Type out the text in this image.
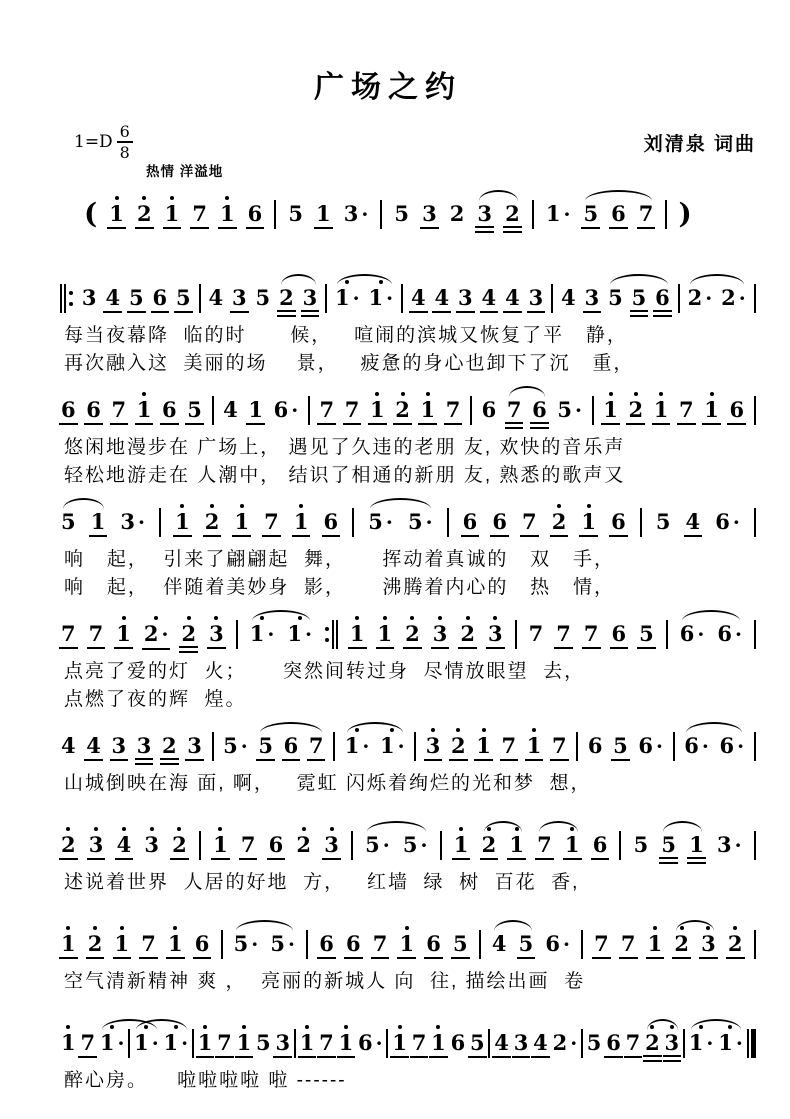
广场之约
$1=D \frac{6}{8}$	刘清泉 词曲
热情 洋溢地
( 1 2 1 7 1 6 5 1 3 · 5 3 2 3 2 1 · 5 6 7 )
3 4 5 6 5 4 3 5 2 3 1 · 1 · 4 4 3 4 4 3 4 3 5 5 6 2 · 2 ·
每当夜幕降  临的时      候，   喧闹的滨城又恢复了平   静，
再次融入这  美丽的场    景，   疲惫的身心也卸下了沉   重，
6 6 7 1 6 5 4 1 6 · 7 7 1 2 1 7 6 7 6 5 · 1 2 1 7 1 6
悠闲地漫步在 广场上， 遇见了久违的老朋 友, 欢快的音乐声
轻松地游走在 人潮中， 结识了相通的新朋 友, 熟悉的歌声又
5 1 3 · 1 2 1 7 1 6 5 · 5 · 6 6 7 2 1 6 5 4 6 ·
响   起，  引来了翩翩起  舞，     挥动着真诚的   双   手，
响   起，  伴随着美妙身  影，     沸腾着内心的   热   情，
7 7 1 2 · 2 3 1 · 1 · 1 1 2 3 2 3 7 7 7 6 5 6 · 6 ·
点亮了爱的灯  火；     突然间转过身  尽情放眼望  去，
点燃了夜的辉  煌。
4 4 3 3 2 3 5 · 5 6 7 1 · 1 · 3 2 1 7 1 7 6 5 6 · 6 · 6 ·
山城倒映在海 面, 啊，   霓虹 闪烁着绚烂的光和梦  想，
2 3 4 3 2 1 7 6 2 3 5 · 5 · 1 2 1 7 1 6 5 5 1 3 ·
述说着世界  人居的好地  方，   红墙  绿  树  百花  香,
1 2 1 7 1 6 5 · 5 · 6 6 7 1 6 5 4 5 6 · 7 7 1 2 3 2
空气清新精神 爽 ，  亮丽的新城人 向  往, 描绘出画  卷
1 7 1 · 1 · 1 · 1 7 1 5 3 1 7 1 6 · 1 7 1 6 5 4 3 4 2 · 5 6 7 2 3 1 · 1 ·
醉心房。    啦啦啦啦 啦 ------
